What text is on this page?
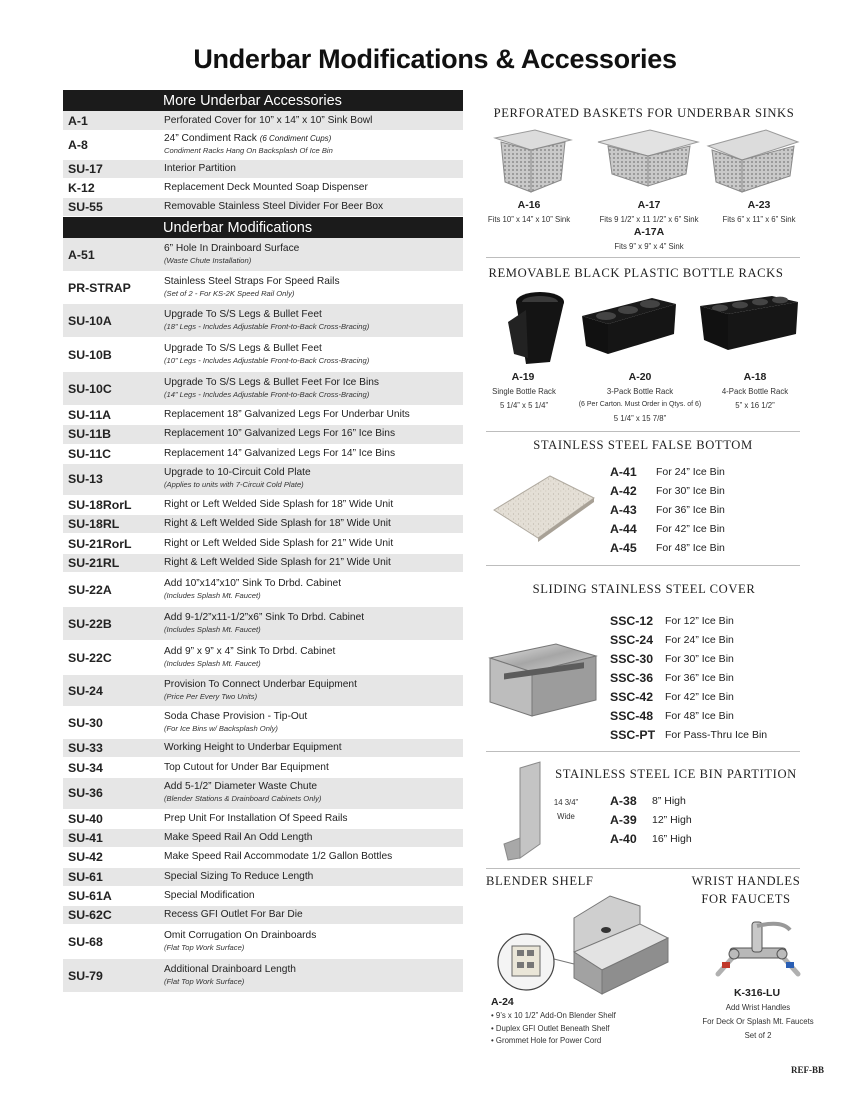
Underbar Modifications & Accessories
More Underbar Accessories
A-1	Perforated Cover for 10” x 14” x 10” Sink Bowl
A-8	24” Condiment Rack (6 Condiment Cups)
Condiment Racks Hang On Backsplash Of Ice Bin
SU-17	Interior Partition
K-12	Replacement Deck Mounted Soap Dispenser
SU-55	Removable Stainless Steel Divider For Beer Box
Underbar Modifications
A-51	6” Hole In Drainboard Surface
(Waste Chute Installation)
PR-STRAP	Stainless Steel Straps For Speed Rails
(Set of 2 - For KS-2K Speed Rail Only)
SU-10A	Upgrade To S/S Legs & Bullet Feet
(18” Legs - Includes Adjustable Front-to-Back Cross-Bracing)
SU-10B	Upgrade To S/S Legs & Bullet Feet
(10” Legs - Includes Adjustable Front-to-Back Cross-Bracing)
SU-10C	Upgrade To S/S Legs & Bullet Feet For Ice Bins
(14” Legs - Includes Adjustable Front-to-Back Cross-Bracing)
SU-11A	Replacement 18” Galvanized Legs For Underbar Units
SU-11B	Replacement 10” Galvanized Legs For 16” Ice Bins
SU-11C	Replacement 14” Galvanized Legs For 14” Ice Bins
SU-13	Upgrade to 10-Circuit Cold Plate
(Applies to units with 7-Circuit Cold Plate)
SU-18RorL	Right or Left Welded Side Splash for 18” Wide Unit
SU-18RL	Right & Left Welded Side Splash for 18” Wide Unit
SU-21RorL	Right or Left Welded Side Splash for 21” Wide Unit
SU-21RL	Right & Left Welded Side Splash for 21” Wide Unit
SU-22A	Add 10”x14”x10” Sink To Drbd. Cabinet
(Includes Splash Mt. Faucet)
SU-22B	Add 9-1/2”x11-1/2”x6” Sink To Drbd. Cabinet
(Includes Splash Mt. Faucet)
SU-22C	Add 9” x 9” x 4” Sink To Drbd. Cabinet
(Includes Splash Mt. Faucet)
SU-24	Provision To Connect Underbar Equipment
(Price Per Every Two Units)
SU-30	Soda Chase Provision - Tip-Out
(For Ice Bins w/ Backsplash Only)
SU-33	Working Height to Underbar Equipment
SU-34	Top Cutout for Under Bar Equipment
SU-36	Add 5-1/2” Diameter Waste Chute
(Blender Stations & Drainboard Cabinets Only)
SU-40	Prep Unit For Installation Of Speed Rails
SU-41	Make Speed Rail An Odd Length
SU-42	Make Speed Rail Accommodate 1/2 Gallon Bottles
SU-61	Special Sizing To Reduce Length
SU-61A	Special Modification
SU-62C	Recess GFI Outlet For Bar Die
SU-68	Omit Corrugation On Drainboards
(Flat Top Work Surface)
SU-79	Additional Drainboard Length
(Flat Top Work Surface)
PERFORATED BASKETS FOR UNDERBAR SINKS
A-16
Fits 10” x 14” x 10” Sink
A-17
Fits 9 1/2” x 11 1/2” x 6” Sink
A-23
Fits 6” x 11” x 6” Sink
A-17A
Fits 9” x 9” x 4” Sink
REMOVABLE BLACK PLASTIC BOTTLE RACKS
A-19
Single Bottle Rack
5 1/4” x 5 1/4”
A-20
3-Pack Bottle Rack
(6 Per Carton. Must Order in Qtys. of 6)
5 1/4” x 15 7/8”
A-18
4-Pack Bottle Rack
5” x 16 1/2”
STAINLESS STEEL FALSE BOTTOM
A-41	For 24” Ice Bin
A-42	For 30” Ice Bin
A-43	For 36” Ice Bin
A-44	For 42” Ice Bin
A-45	For 48” Ice Bin
SLIDING STAINLESS STEEL COVER
SSC-12	For 12” Ice Bin
SSC-24	For 24” Ice Bin
SSC-30	For 30” Ice Bin
SSC-36	For 36” Ice Bin
SSC-42	For 42” Ice Bin
SSC-48	For 48” Ice Bin
SSC-PT For Pass-Thru Ice Bin
STAINLESS STEEL ICE BIN PARTITION
14 3/4”
Wide
A-38	8” High
A-39	12” High
A-40	16” High
BLENDER SHELF
A-24
• 9’s x 10 1/2” Add-On Blender Shelf
• Duplex GFI Outlet Beneath Shelf
• Grommet Hole for Power Cord
WRIST HANDLES
FOR FAUCETS
K-316-LU
Add Wrist Handles
For Deck Or Splash Mt. Faucets
Set of 2
REF-BB
